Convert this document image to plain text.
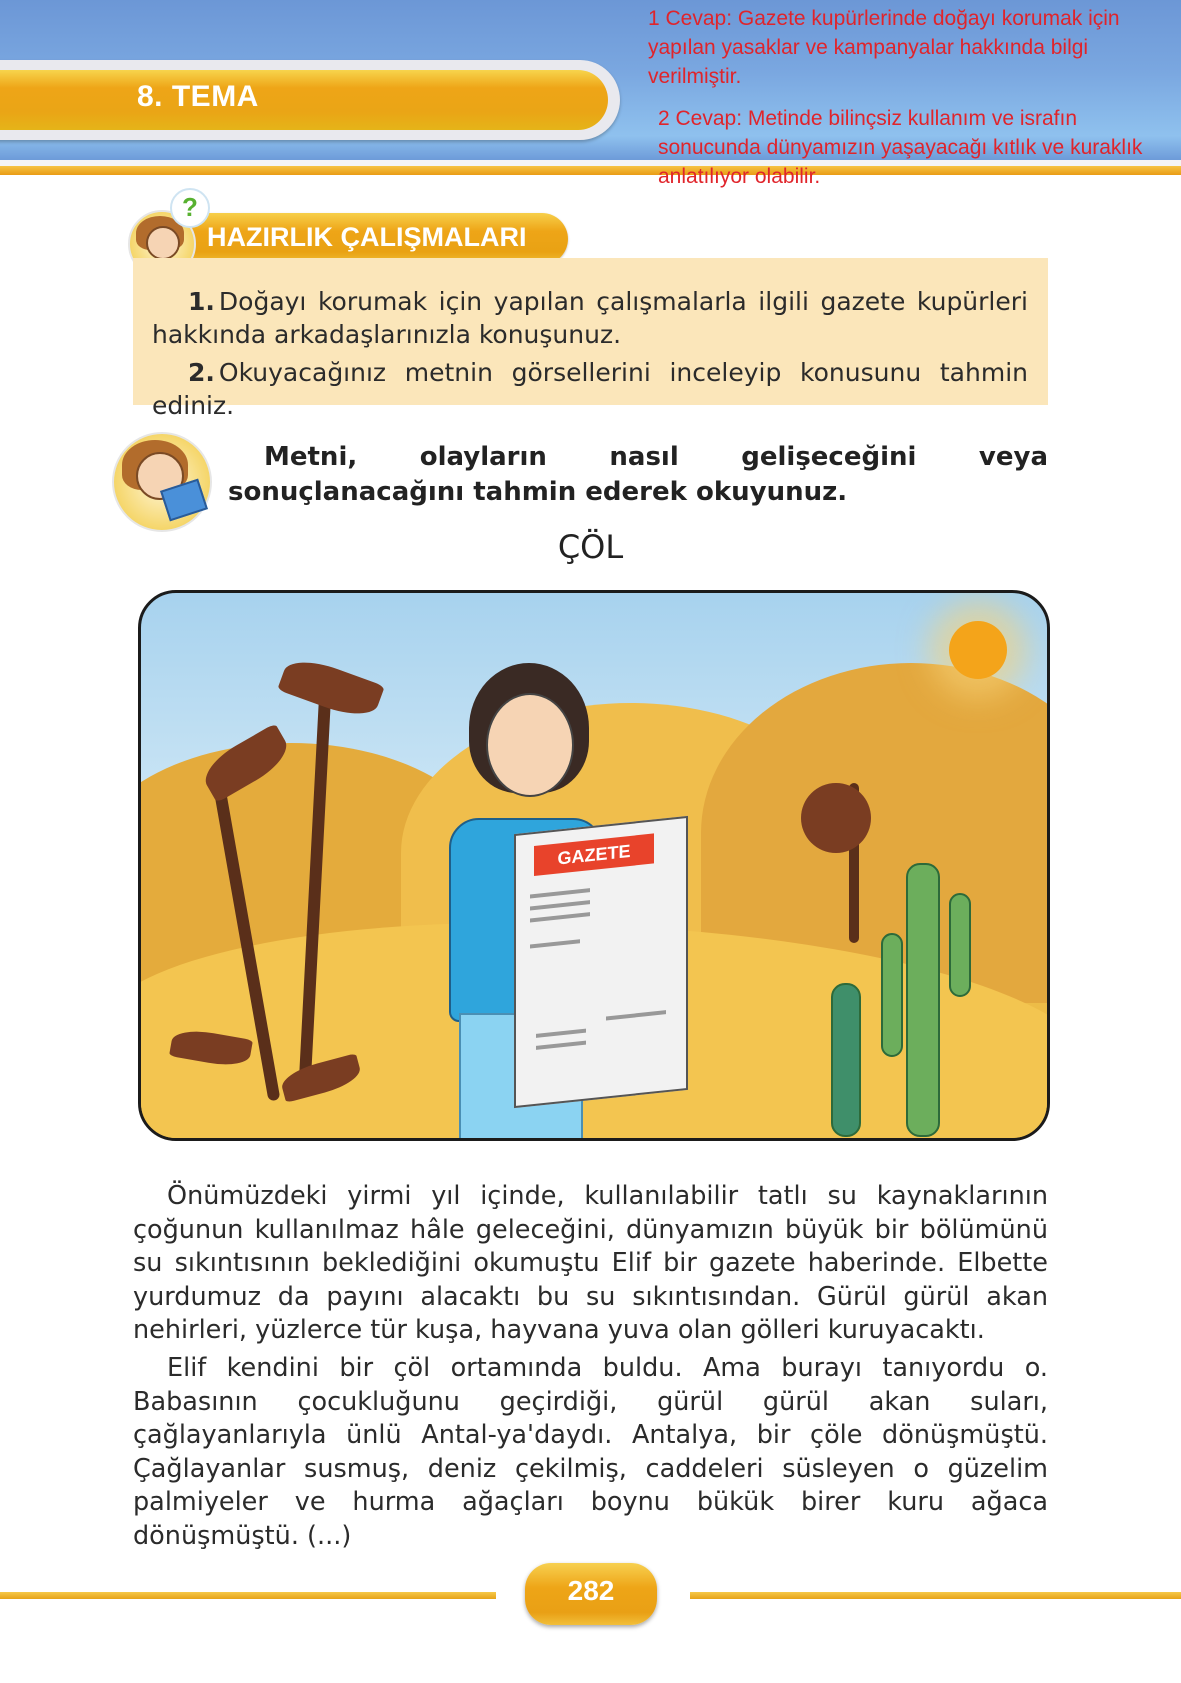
8. TEMA
1 Cevap: Gazete kupürlerinde doğayı korumak için yapılan yasaklar ve kampanyalar hakkında bilgi verilmiştir.
2 Cevap: Metinde bilinçsiz kullanım ve israfın sonucunda dünyamızın yaşayacağı kıtlık ve kuraklık anlatılıyor olabilir.
?
HAZIRLIK ÇALIŞMALARI
1. Doğayı korumak için yapılan çalışmalarla ilgili gazete kupürleri hakkında arkadaşlarınızla konuşunuz.
2. Okuyacağınız metnin görsellerini inceleyip konusunu tahmin ediniz.
Metni, olayların nasıl gelişeceğini veya sonuçlanacağını tahmin ederek okuyunuz.
ÇÖL
GAZETE
Önümüzdeki yirmi yıl içinde, kullanılabilir tatlı su kaynaklarının çoğunun kullanılmaz hâle geleceğini, dünyamızın büyük bir bölümünü su sıkıntısının beklediğini okumuştu Elif bir gazete haberinde. Elbette yurdumuz da payını alacaktı bu su sıkıntısından. Gürül gürül akan nehirleri, yüzlerce tür kuşa, hayvana yuva olan gölleri kuruyacaktı.
Elif kendini bir çöl ortamında buldu. Ama burayı tanıyordu o. Babasının çocukluğunu geçirdiği, gürül gürül akan suları, çağlayanlarıyla ünlü Antal-ya'daydı. Antalya, bir çöle dönüşmüştü. Çağlayanlar susmuş, deniz çekilmiş, caddeleri süsleyen o güzelim palmiyeler ve hurma ağaçları boynu bükük birer kuru ağaca dönüşmüştü. (...)
282
